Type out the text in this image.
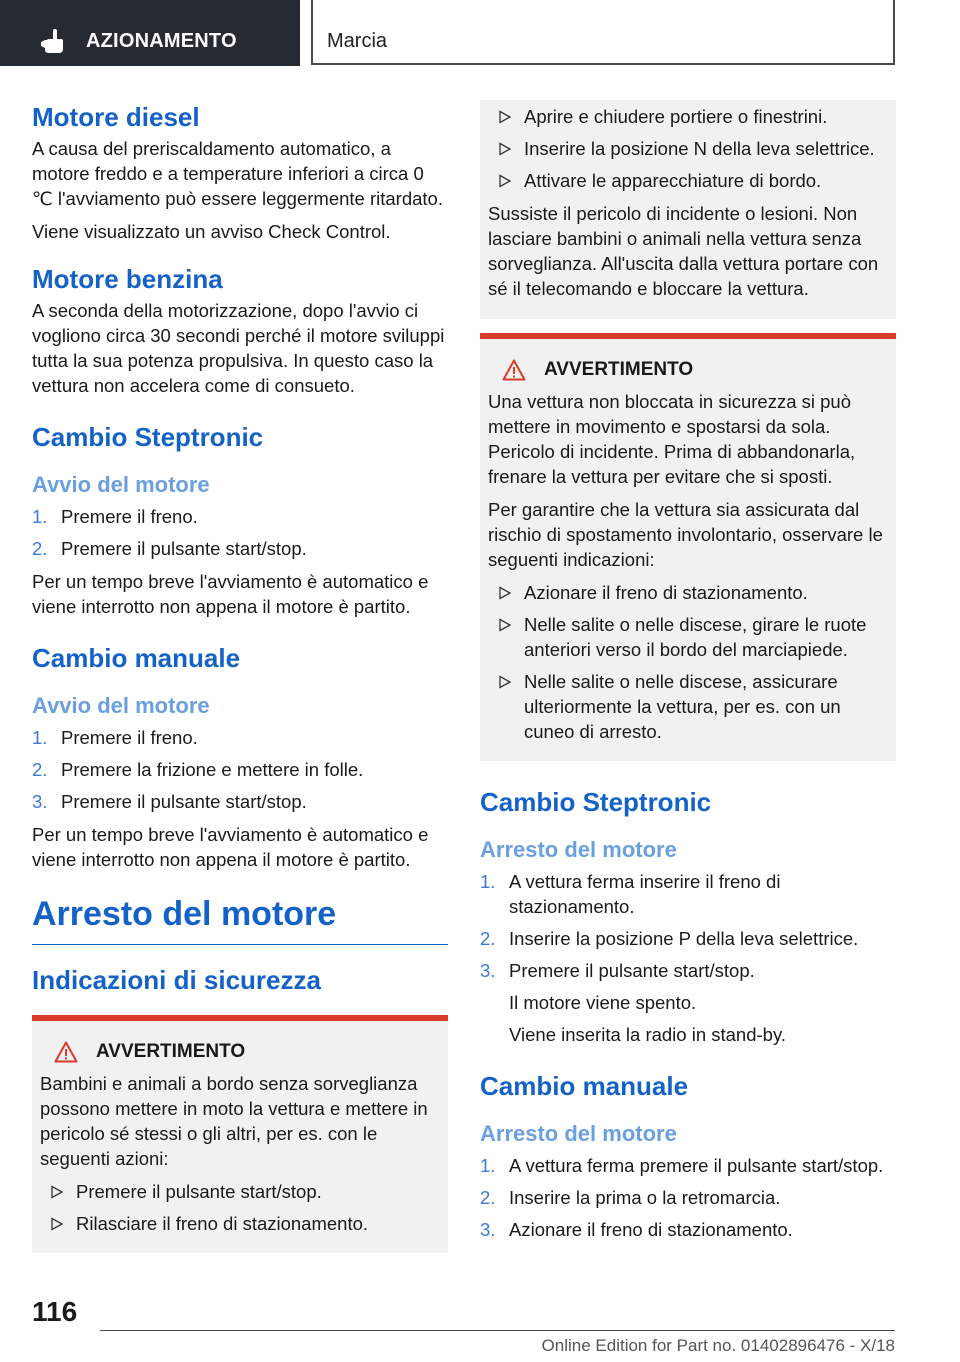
AZIONAMENTO	Marcia
Motore diesel

A causa del preriscaldamento automatico, a motore freddo e a temperature inferiori a circa 0 ℃ l'avviamento può essere leggermente ritardato.

Viene visualizzato un avviso Check Control.

Motore benzina

A seconda della motorizzazione, dopo l'avvio ci vogliono circa 30 secondi perché il motore sviluppi tutta la sua potenza propulsiva. In questo caso la vettura non accelera come di consueto.

Cambio Steptronic
Avvio del motore
1. Premere il freno.
2. Premere il pulsante start/stop.

Per un tempo breve l'avviamento è automatico e viene interrotto non appena il motore è partito.

Cambio manuale
Avvio del motore
1. Premere il freno.
2. Premere la frizione e mettere in folle.
3. Premere il pulsante start/stop.

Per un tempo breve l'avviamento è automatico e viene interrotto non appena il motore è partito.

Arresto del motore
Indicazioni di sicurezza
AVVERTIMENTO

Bambini e animali a bordo senza sorveglianza possono mettere in moto la vettura e mettere in pericolo sé stessi o gli altri, per es. con le seguenti azioni:

Premere il pulsante start/stop.
Rilasciare il freno di stazionamento.
Aprire e chiudere portiere o finestrini.
Inserire la posizione N della leva selettrice.
Attivare le apparecchiature di bordo.

Sussiste il pericolo di incidente o lesioni. Non lasciare bambini o animali nella vettura senza sorveglianza. All'uscita dalla vettura portare con sé il telecomando e bloccare la vettura.

AVVERTIMENTO

Una vettura non bloccata in sicurezza si può mettere in movimento e spostarsi da sola. Pericolo di incidente. Prima di abbandonarla, frenare la vettura per evitare che si sposti.

Per garantire che la vettura sia assicurata dal rischio di spostamento involontario, osservare le seguenti indicazioni:

Azionare il freno di stazionamento.
Nelle salite o nelle discese, girare le ruote anteriori verso il bordo del marciapiede.
Nelle salite o nelle discese, assicurare ulteriormente la vettura, per es. con un cuneo di arresto.
Cambio Steptronic
Arresto del motore
1. A vettura ferma inserire il freno di stazionamento.
2. Inserire la posizione P della leva selettrice.
3. Premere il pulsante start/stop.
Il motore viene spento.
Viene inserita la radio in stand-by.
Cambio manuale
Arresto del motore
1. A vettura ferma premere il pulsante start/stop.
2. Inserire la prima o la retromarcia.
3. Azionare il freno di stazionamento.
116
Online Edition for Part no. 01402896476 - X/18
